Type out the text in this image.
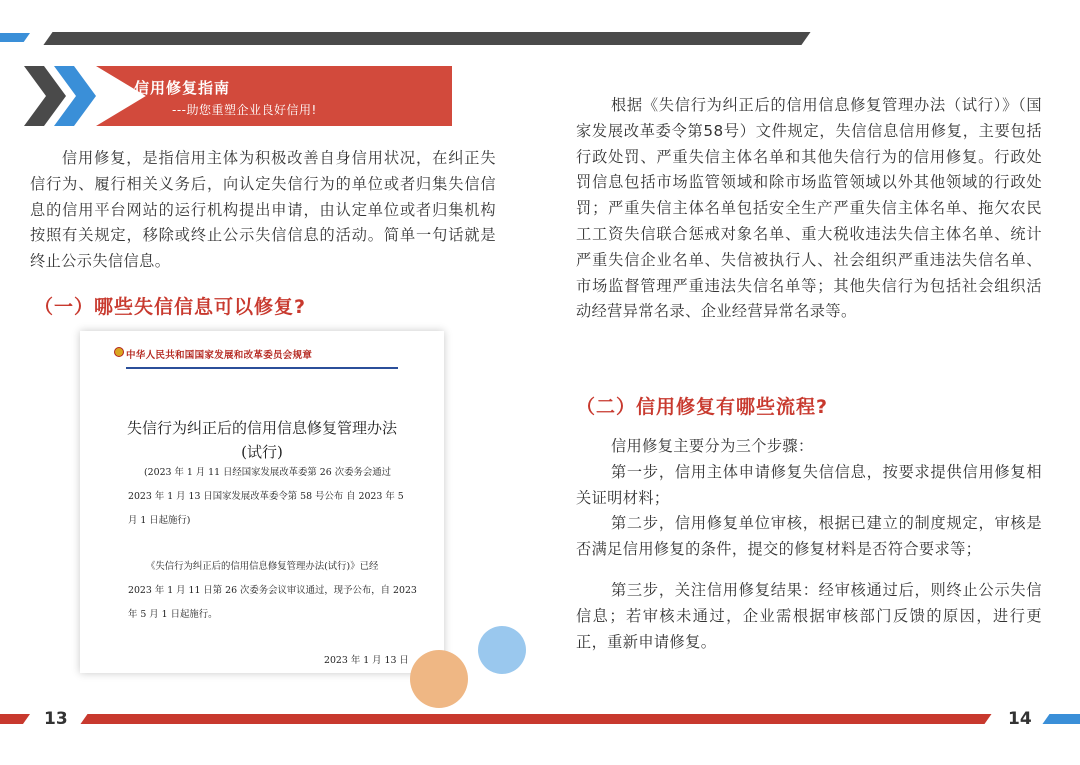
信用修复指南
---助您重塑企业良好信用!

信用修复，是指信用主体为积极改善自身信用状况，在纠正失信行为、履行相关义务后，向认定失信行为的单位或者归集失信信息的信用平台网站的运行机构提出申请，由认定单位或者归集机构按照有关规定，移除或终止公示失信信息的活动。简单一句话就是终止公示失信信息。

（一）哪些失信信息可以修复?
中华人民共和国国家发展和改革委员会规章
失信行为纠正后的信用信息修复管理办法
(试行)
(2023 年 1 月 11 日经国家发展改革委第 26 次委务会通过
2023 年 1 月 13 日国家发展改革委令第 58 号公布 自 2023 年 5
月 1 日起施行)
《失信行为纠正后的信用信息修复管理办法(试行)》已经
2023 年 1 月 11 日第 26 次委务会议审议通过，现予公布，自 2023
年 5 月 1 日起施行。
2023 年 1 月 13 日

根据《失信行为纠正后的信用信息修复管理办法（试行）》（国家发展改革委令第58号）文件规定，失信信息信用修复，主要包括行政处罚、严重失信主体名单和其他失信行为的信用修复。行政处罚信息包括市场监管领域和除市场监管领域以外其他领域的行政处罚；严重失信主体名单包括安全生产严重失信主体名单、拖欠农民工工资失信联合惩戒对象名单、重大税收违法失信主体名单、统计严重失信企业名单、失信被执行人、社会组织严重违法失信名单、市场监督管理严重违法失信名单等；其他失信行为包括社会组织活动经营异常名录、企业经营异常名录等。

（二）信用修复有哪些流程?

信用修复主要分为三个步骤：

第一步，信用主体申请修复失信信息，按要求提供信用修复相关证明材料；

第二步，信用修复单位审核，根据已建立的制度规定，审核是否满足信用修复的条件，提交的修复材料是否符合要求等；

第三步，关注信用修复结果：经审核通过后，则终止公示失信信息；若审核未通过，企业需根据审核部门反馈的原因，进行更正，重新申请修复。

13	14
